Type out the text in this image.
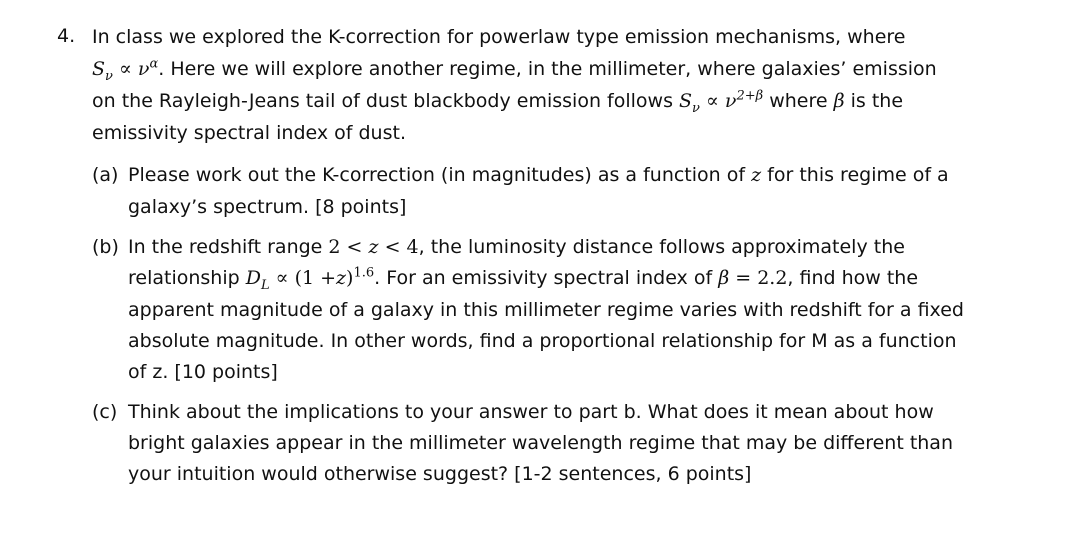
4. In class we explored the K-correction for powerlaw type emission mechanisms, where
$S_\nu \propto \nu^\alpha$. Here we will explore another regime, in the millimeter, where galaxies’ emission
on the Rayleigh-Jeans tail of dust blackbody emission follows $S_\nu \propto \nu^{2+\beta}$ where β is the
emissivity spectral index of dust.
(a) Please work out the K-correction (in magnitudes) as a function of z for this regime of a
galaxy’s spectrum. [8 points]
(b) In the redshift range 2 < z < 4, the luminosity distance follows approximately the
relationship $D_L \propto (1 +z)^{1.6}$. For an emissivity spectral index of β = 2.2, find how the
apparent magnitude of a galaxy in this millimeter regime varies with redshift for a fixed
absolute magnitude. In other words, find a proportional relationship for M as a function
of z. [10 points]
(c) Think about the implications to your answer to part b. What does it mean about how
bright galaxies appear in the millimeter wavelength regime that may be different than
your intuition would otherwise suggest? [1-2 sentences, 6 points]
